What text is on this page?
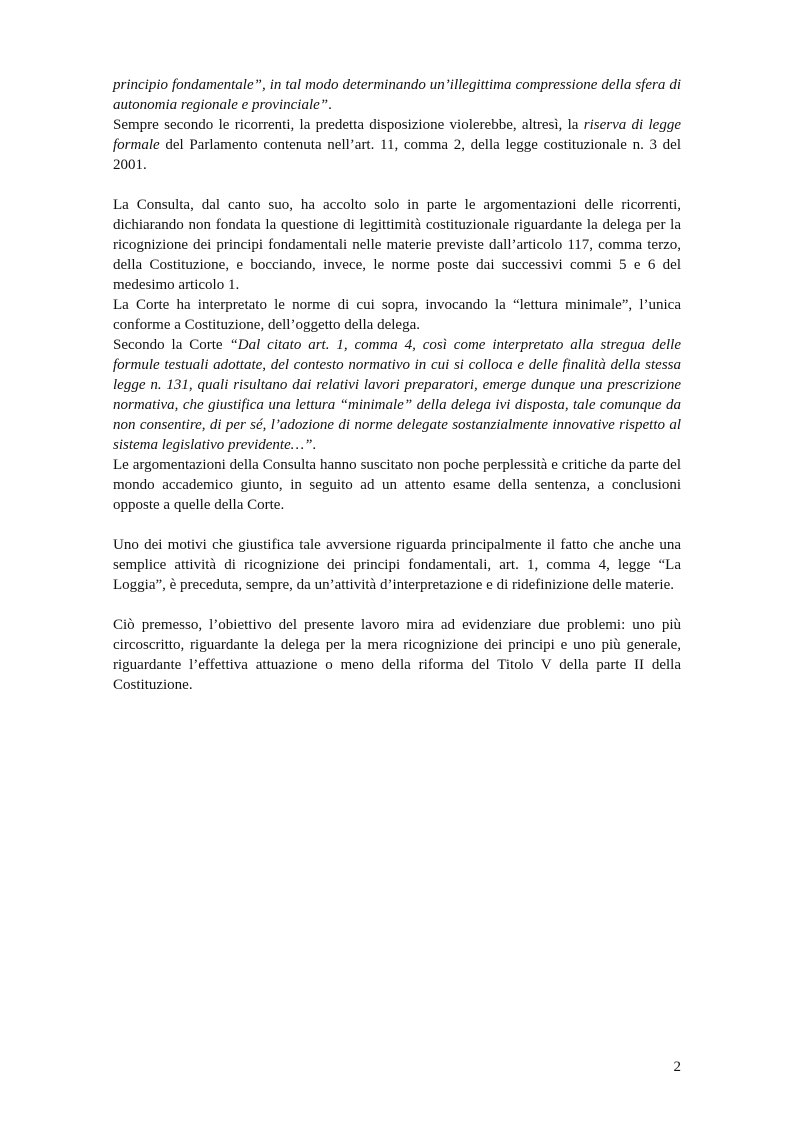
principio fondamentale”, in tal modo determinando un’illegittima compressione della sfera di autonomia regionale e provinciale”.

Sempre secondo le ricorrenti, la predetta disposizione violerebbe, altresì, la riserva di legge formale del Parlamento contenuta nell’art. 11, comma 2, della legge costituzionale n. 3 del 2001.

La Consulta, dal canto suo, ha accolto solo in parte le argomentazioni delle ricorrenti, dichiarando non fondata la questione di legittimità costituzionale riguardante la delega per la ricognizione dei principi fondamentali nelle materie previste dall’articolo 117, comma terzo, della Costituzione, e bocciando, invece, le norme poste dai successivi commi 5 e 6 del medesimo articolo 1.

La Corte ha interpretato le norme di cui sopra, invocando la “lettura minimale”, l’unica conforme a Costituzione, dell’oggetto della delega.

Secondo la Corte “Dal citato art. 1, comma 4, così come interpretato alla stregua delle formule testuali adottate, del contesto normativo in cui si colloca e delle finalità della stessa legge n. 131, quali risultano dai relativi lavori preparatori, emerge dunque una prescrizione normativa, che giustifica una lettura “minimale” della delega ivi disposta, tale comunque da non consentire, di per sé, l’adozione di norme delegate sostanzialmente innovative rispetto al sistema legislativo previdente…”.

Le argomentazioni della Consulta hanno suscitato non poche perplessità e critiche da parte del mondo accademico giunto, in seguito ad un attento esame della sentenza, a conclusioni opposte a quelle della Corte.

Uno dei motivi che giustifica tale avversione riguarda principalmente il fatto che anche una semplice attività di ricognizione dei principi fondamentali, art. 1, comma 4, legge “La Loggia”, è preceduta, sempre, da un’attività d’interpretazione e di ridefinizione delle materie.

Ciò premesso, l’obiettivo del presente lavoro mira ad evidenziare due problemi: uno più circoscritto, riguardante la delega per la mera ricognizione dei principi e uno più generale, riguardante l’effettiva attuazione o meno della riforma del Titolo V della parte II della Costituzione.

2
